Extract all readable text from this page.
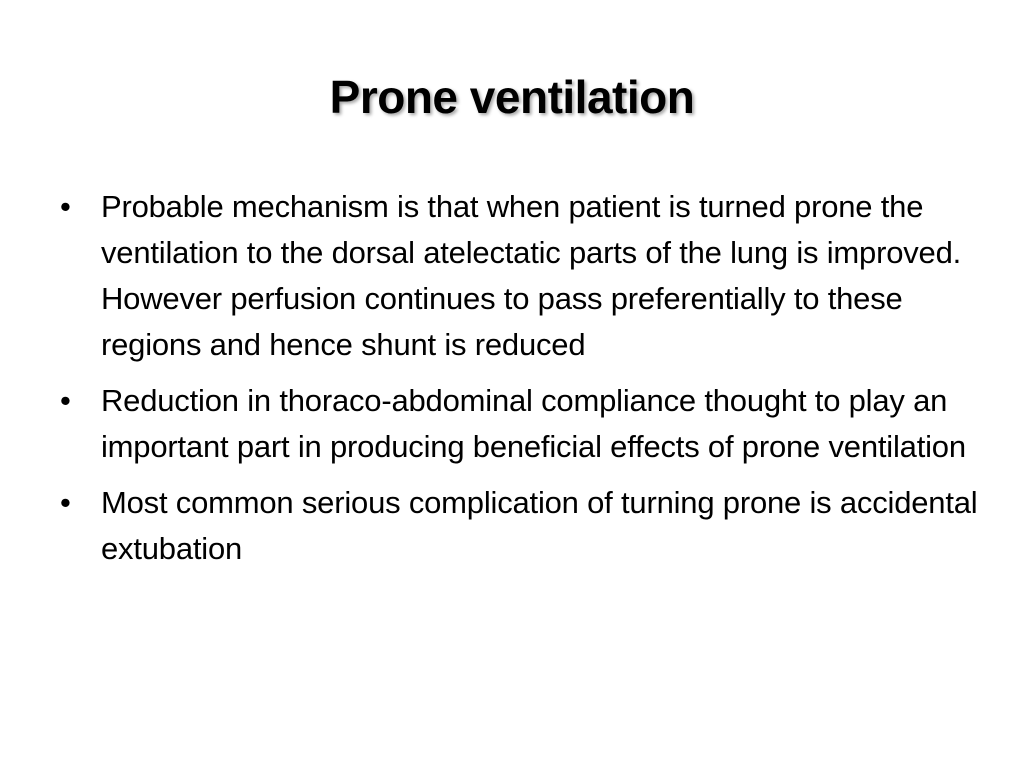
Prone ventilation
• Probable mechanism is that when patient is turned prone the ventilation to the dorsal atelectatic parts of the lung is improved. However perfusion continues to pass preferentially to these regions and hence shunt is reduced
• Reduction in thoraco-abdominal compliance thought to play an important part in producing beneficial effects of prone ventilation
• Most common serious complication of turning prone is accidental extubation
